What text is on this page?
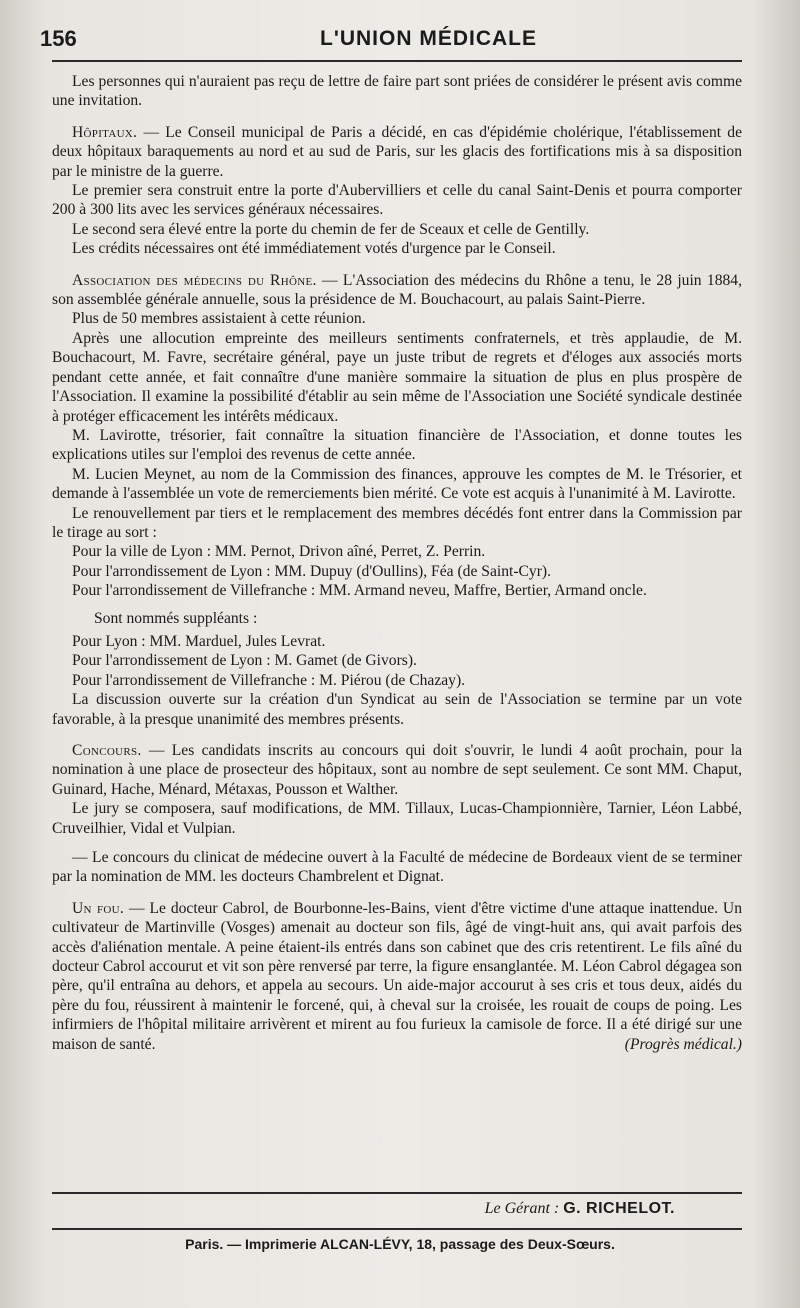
156	L'UNION MÉDICALE

Les personnes qui n'auraient pas reçu de lettre de faire part sont priées de considérer le présent avis comme une invitation.

Hôpitaux. — Le Conseil municipal de Paris a décidé, en cas d'épidémie cholérique, l'établissement de deux hôpitaux baraquements au nord et au sud de Paris, sur les glacis des fortifications mis à sa disposition par le ministre de la guerre.

Le premier sera construit entre la porte d'Aubervilliers et celle du canal Saint-Denis et pourra comporter 200 à 300 lits avec les services généraux nécessaires.

Le second sera élevé entre la porte du chemin de fer de Sceaux et celle de Gentilly.

Les crédits nécessaires ont été immédiatement votés d'urgence par le Conseil.

Association des médecins du Rhône. — L'Association des médecins du Rhône a tenu, le 28 juin 1884, son assemblée générale annuelle, sous la présidence de M. Bouchacourt, au palais Saint-Pierre.

Plus de 50 membres assistaient à cette réunion.

Après une allocution empreinte des meilleurs sentiments confraternels, et très applaudie, de M. Bouchacourt, M. Favre, secrétaire général, paye un juste tribut de regrets et d'éloges aux associés morts pendant cette année, et fait connaître d'une manière sommaire la situation de plus en plus prospère de l'Association. Il examine la possibilité d'établir au sein même de l'Association une Société syndicale destinée à protéger efficacement les intérêts médicaux.

M. Lavirotte, trésorier, fait connaître la situation financière de l'Association, et donne toutes les explications utiles sur l'emploi des revenus de cette année.

M. Lucien Meynet, au nom de la Commission des finances, approuve les comptes de M. le Trésorier, et demande à l'assemblée un vote de remerciements bien mérité. Ce vote est acquis à l'unanimité à M. Lavirotte.

Le renouvellement par tiers et le remplacement des membres décédés font entrer dans la Commission par le tirage au sort :

Pour la ville de Lyon : MM. Pernot, Drivon aîné, Perret, Z. Perrin.

Pour l'arrondissement de Lyon : MM. Dupuy (d'Oullins), Féa (de Saint-Cyr).

Pour l'arrondissement de Villefranche : MM. Armand neveu, Maffre, Bertier, Armand oncle.

Sont nommés suppléants :

Pour Lyon : MM. Marduel, Jules Levrat.

Pour l'arrondissement de Lyon : M. Gamet (de Givors).

Pour l'arrondissement de Villefranche : M. Piérou (de Chazay).

La discussion ouverte sur la création d'un Syndicat au sein de l'Association se termine par un vote favorable, à la presque unanimité des membres présents.

Concours. — Les candidats inscrits au concours qui doit s'ouvrir, le lundi 4 août prochain, pour la nomination à une place de prosecteur des hôpitaux, sont au nombre de sept seulement. Ce sont MM. Chaput, Guinard, Hache, Ménard, Métaxas, Pousson et Walther.

Le jury se composera, sauf modifications, de MM. Tillaux, Lucas-Championnière, Tarnier, Léon Labbé, Cruveilhier, Vidal et Vulpian.

— Le concours du clinicat de médecine ouvert à la Faculté de médecine de Bordeaux vient de se terminer par la nomination de MM. les docteurs Chambrelent et Dignat.

Un fou. — Le docteur Cabrol, de Bourbonne-les-Bains, vient d'être victime d'une attaque inattendue. Un cultivateur de Martinville (Vosges) amenait au docteur son fils, âgé de vingt-huit ans, qui avait parfois des accès d'aliénation mentale. A peine étaient-ils entrés dans son cabinet que des cris retentirent. Le fils aîné du docteur Cabrol accourut et vit son père renversé par terre, la figure ensanglantée. M. Léon Cabrol dégagea son père, qu'il entraîna au dehors, et appela au secours. Un aide-major accourut à ses cris et tous deux, aidés du père du fou, réussirent à maintenir le forcené, qui, à cheval sur la croisée, les rouait de coups de poing. Les infirmiers de l'hôpital militaire arrivèrent et mirent au fou furieux la camisole de force. Il a été dirigé sur une maison de santé.	(Progrès médical.)

Le Gérant : G. RICHELOT.
Paris. — Imprimerie ALCAN-LÉVY, 18, passage des Deux-Sœurs.
